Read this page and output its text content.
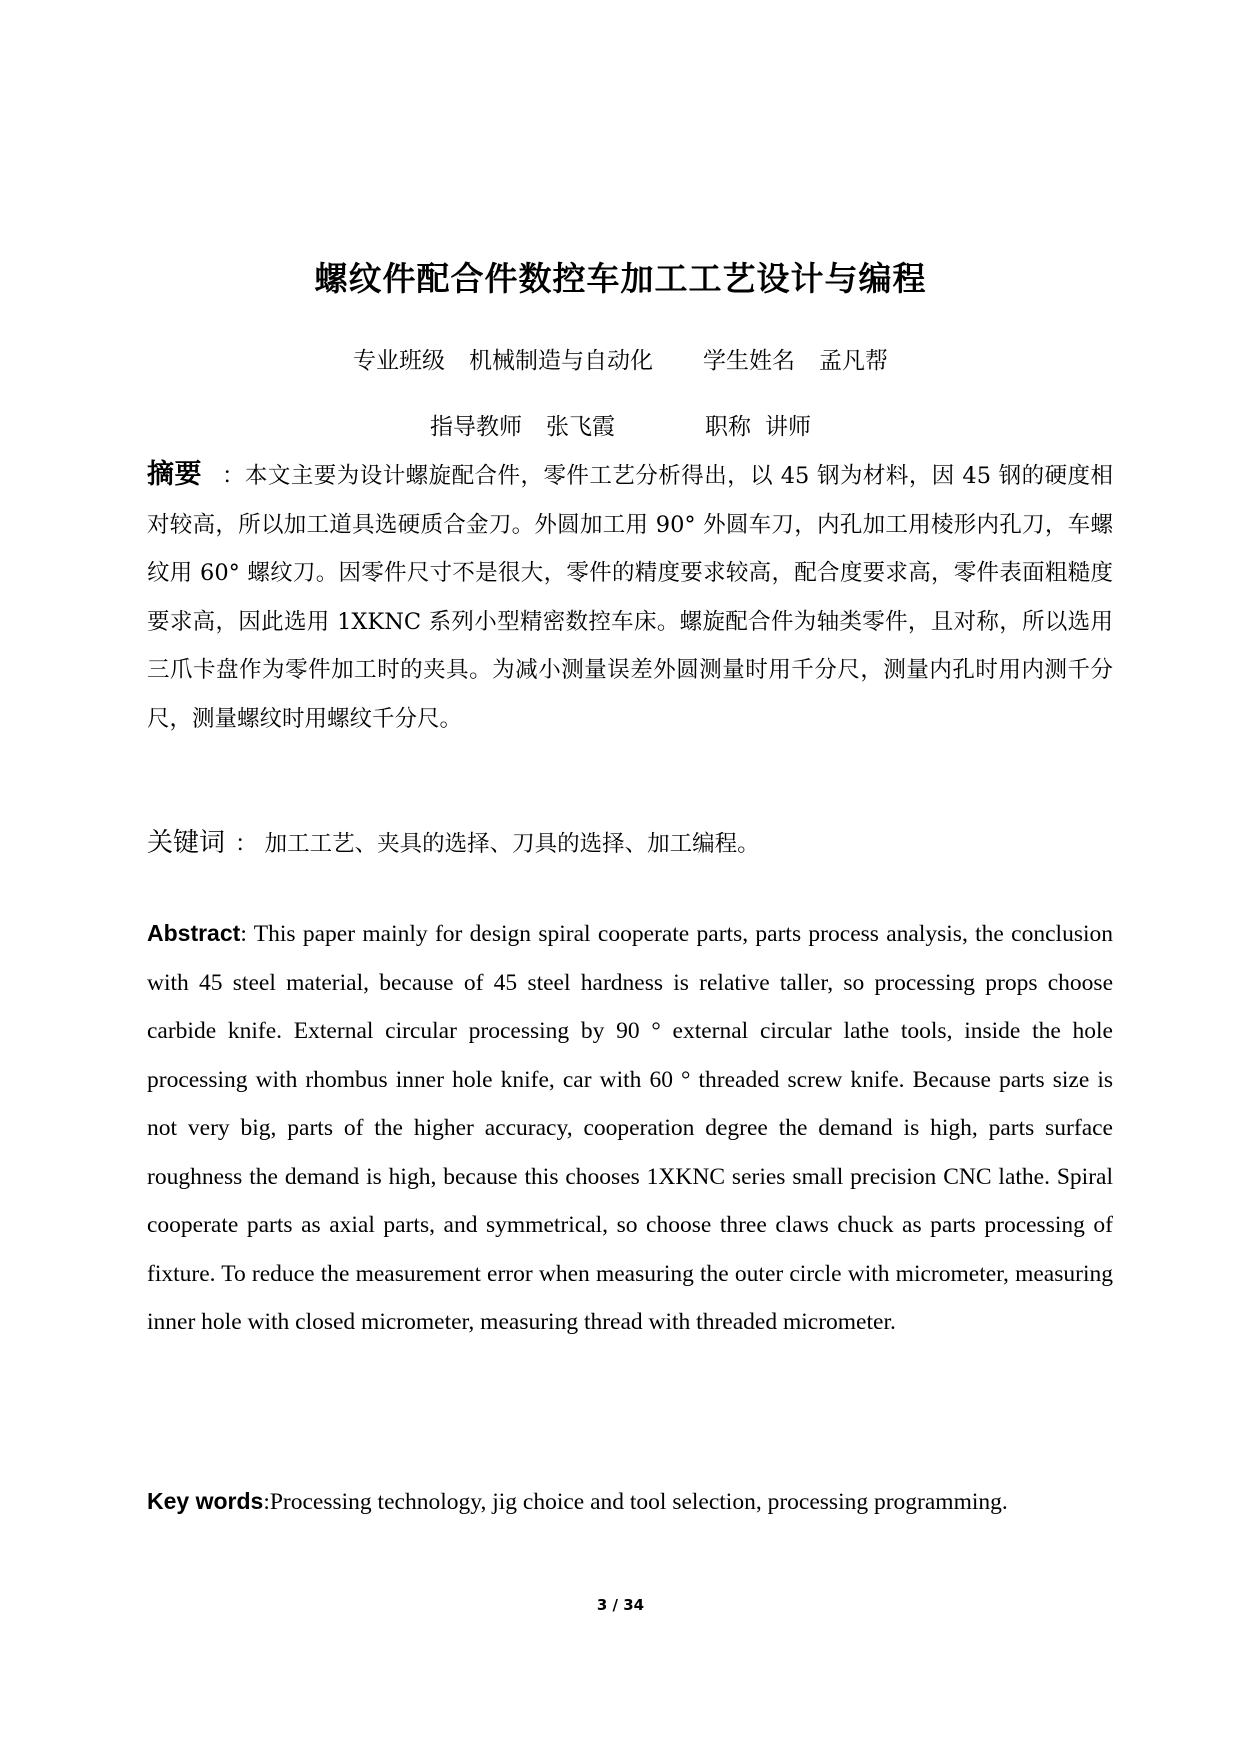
螺纹件配合件数控车加工工艺设计与编程
专业班级 机械制造与自动化 学生姓名 孟凡帮
指导教师 张飞霞	职称 讲师
摘要 ：本文主要为设计螺旋配合件，零件工艺分析得出，以 45 钢为材料，因 45 钢的硬度相对较高，所以加工道具选硬质合金刀。外圆加工用 90° 外圆车刀，内孔加工用棱形内孔刀，车螺纹用 60° 螺纹刀。因零件尺寸不是很大，零件的精度要求较高，配合度要求高，零件表面粗糙度要求高，因此选用 1XKNC 系列小型精密数控车床。螺旋配合件为轴类零件，且对称，所以选用三爪卡盘作为零件加工时的夹具。为减小测量误差外圆测量时用千分尺，测量内孔时用内测千分尺，测量螺纹时用螺纹千分尺。
关键词 ： 加工工艺、夹具的选择、刀具的选择、加工编程。
Abstract: This paper mainly for design spiral cooperate parts, parts process analysis, the conclusion with 45 steel material, because of 45 steel hardness is relative taller, so processing props choose carbide knife. External circular processing by 90 ° external circular lathe tools, inside the hole processing with rhombus inner hole knife, car with 60 ° threaded screw knife. Because parts size is not very big, parts of the higher accuracy, cooperation degree the demand is high, parts surface roughness the demand is high, because this chooses 1XKNC series small precision CNC lathe. Spiral cooperate parts as axial parts, and symmetrical, so choose three claws chuck as parts processing of fixture. To reduce the measurement error when measuring the outer circle with micrometer, measuring inner hole with closed micrometer, measuring thread with threaded micrometer.
Key words:Processing technology, jig choice and tool selection, processing programming.
3 / 34
